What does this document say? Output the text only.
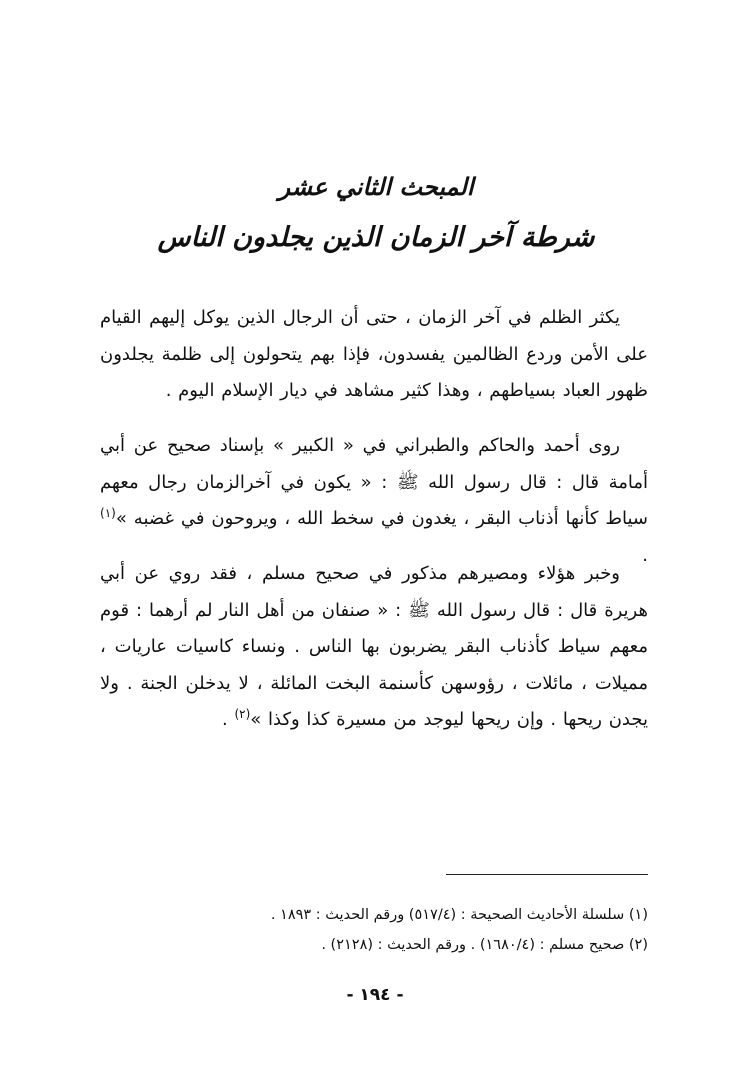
المبحث الثاني عشر
شرطة آخر الزمان الذين يجلدون الناس
يكثر الظلم في آخر الزمان ، حتى أن الرجال الذين يوكل إليهم القيام على الأمن وردع الظالمين يفسدون، فإذا بهم يتحولون إلى ظلمة يجلدون ظهور العباد بسياطهم ، وهذا كثير مشاهد في ديار الإسلام اليوم .
روى أحمد والحاكم والطبراني في « الكبير » بإسناد صحيح عن أبي أمامة قال : قال رسول الله ﷺ : « يكون في آخرالزمان رجال معهم سياط كأنها أذناب البقر ، يغدون في سخط الله ، ويروحون في غضبه »$^{(١)}$ .
وخبر هؤلاء ومصيرهم مذكور في صحيح مسلم ، فقد روي عن أبي هريرة قال : قال رسول الله ﷺ : « صنفان من أهل النار لم أرهما : قوم معهم سياط كأذناب البقر يضربون بها الناس . ونساء كاسيات عاريات ، مميلات ، مائلات ، رؤوسهن كأسنمة البخت المائلة ، لا يدخلن الجنة . ولا يجدن ريحها . وإن ريحها ليوجد من مسيرة كذا وكذا »$^{(٢)}$ .
(١) سلسلة الأحاديث الصحيحة : (٥١٧/٤) ورقم الحديث : ١٨٩٣ .
(٢) صحيح مسلم : (١٦٨٠/٤) . ورقم الحديث : (٢١٢٨) .
- ١٩٤ -
